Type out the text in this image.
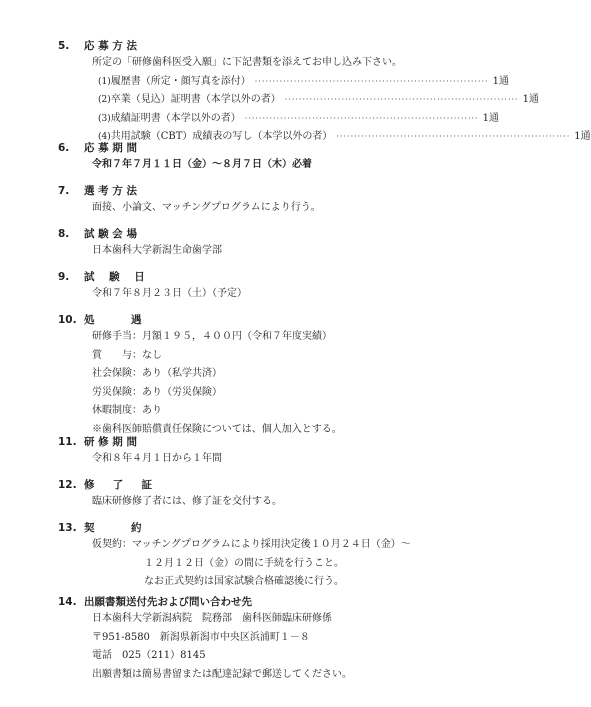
5.	応 募 方 法
所定の「研修歯科医受入願」に下記書類を添えてお申し込み下さい。
(1) 履歴書（所定・顔写真を添付） ·································································· 1通
(2) 卒業（見込）証明書（本学以外の者） ·································································· 1通
(3) 成績証明書（本学以外の者） ·································································· 1通
(4) 共用試験（CBT）成績表の写し（本学以外の者） ·································································· 1通
6.	応 募 期 間
令和７年７月１１日（金）～８月７日（木）必着
7.	選 考 方 法
面接、小論文、マッチングプログラムにより行う。
8.	試 験 会 場
日本歯科大学新潟生命歯学部
9.	試    験    日
令和７年８月２３日（土）（予定）
10. 処          遇
研修手当：月額１９５，４００円（令和７年度実績）
賞　　与：なし
社会保険：あり（私学共済）
労災保険：あり（労災保険）
休暇制度：あり
※歯科医師賠償責任保険については、個人加入とする。
11. 研 修 期 間
令和８年４月１日から１年間
12. 修     了     証
臨床研修修了者には、修了証を交付する。
13. 契          約
仮契約：マッチングプログラムにより採用決定後１０月２４日（金）～
１２月１２日（金）の間に手続を行うこと。
なお正式契約は国家試験合格確認後に行う。
14. 出願書類送付先および問い合わせ先
日本歯科大学新潟病院　院務部　歯科医師臨床研修係
〒951-8580　新潟県新潟市中央区浜浦町１－８
電話　025（211）8145
出願書類は簡易書留または配達記録で郵送してください。
